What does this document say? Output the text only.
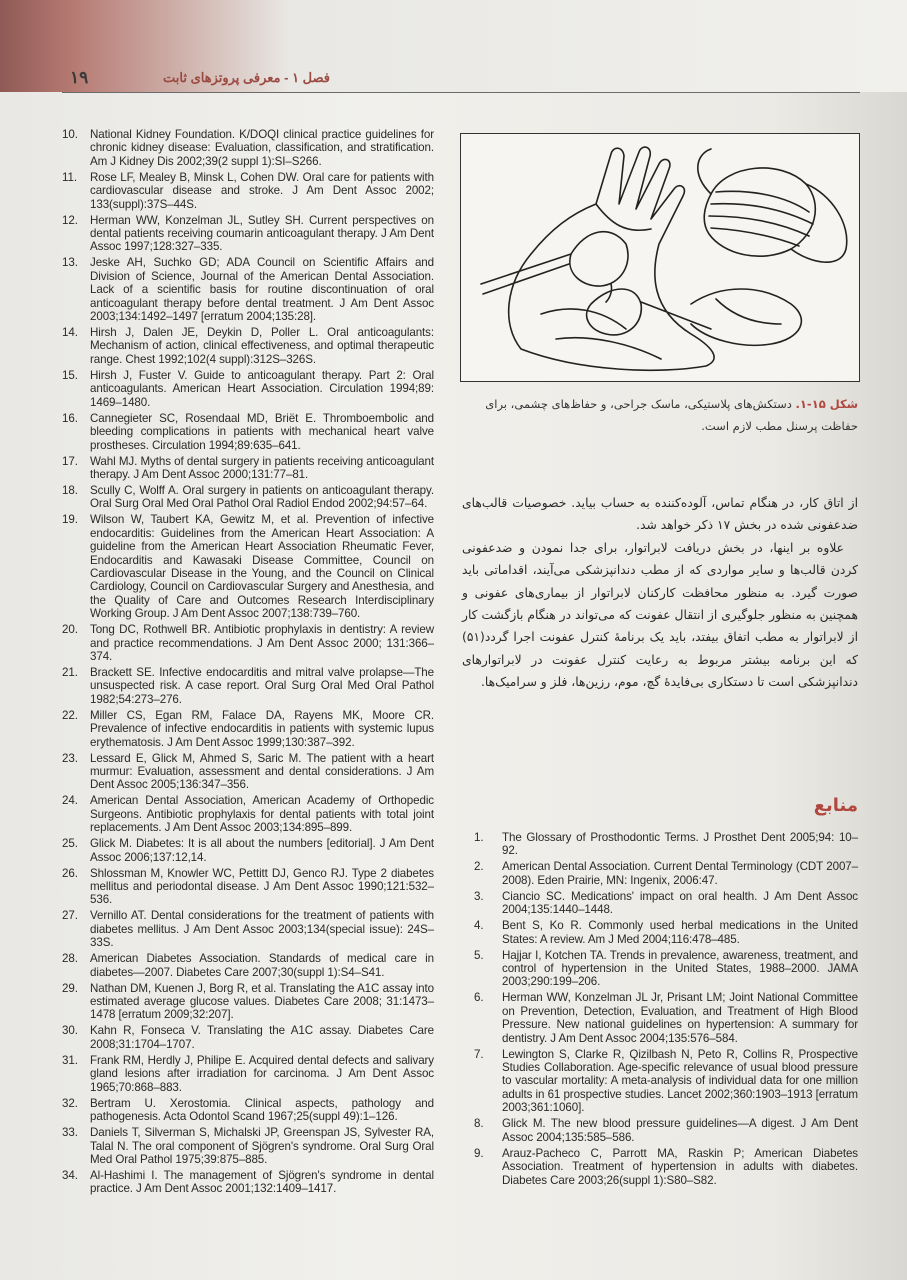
۱۹	فصل ۱ - معرفی پروتزهای ثابت
10.	National Kidney Foundation. K/DOQI clinical practice guidelines for chronic kidney disease: Evaluation, classification, and stratification. Am J Kidney Dis 2002;39(2 suppl 1):SI–S266.
11.	Rose LF, Mealey B, Minsk L, Cohen DW. Oral care for patients with cardiovascular disease and stroke. J Am Dent Assoc 2002; 133(suppl):37S–44S.
12.	Herman WW, Konzelman JL, Sutley SH. Current perspectives on dental patients receiving coumarin anticoagulant therapy. J Am Dent Assoc 1997;128:327–335.
13.	Jeske AH, Suchko GD; ADA Council on Scientific Affairs and Division of Science, Journal of the American Dental Association. Lack of a scientific basis for routine discontinuation of oral anticoagulant therapy before dental treatment. J Am Dent Assoc 2003;134:1492–1497 [erratum 2004;135:28].
14.	Hirsh J, Dalen JE, Deykin D, Poller L. Oral anticoagulants: Mechanism of action, clinical effectiveness, and optimal therapeutic range. Chest 1992;102(4 suppl):312S–326S.
15.	Hirsh J, Fuster V. Guide to anticoagulant therapy. Part 2: Oral anticoagulants. American Heart Association. Circulation 1994;89: 1469–1480.
16.	Cannegieter SC, Rosendaal MD, Briët E. Thromboembolic and bleeding complications in patients with mechanical heart valve prostheses. Circulation 1994;89:635–641.
17.	Wahl MJ. Myths of dental surgery in patients receiving anticoagulant therapy. J Am Dent Assoc 2000;131:77–81.
18.	Scully C, Wolff A. Oral surgery in patients on anticoagulant therapy. Oral Surg Oral Med Oral Pathol Oral Radiol Endod 2002;94:57–64.
19.	Wilson W, Taubert KA, Gewitz M, et al. Prevention of infective endocarditis: Guidelines from the American Heart Association: A guideline from the American Heart Association Rheumatic Fever, Endocarditis and Kawasaki Disease Committee, Council on Cardiovascular Disease in the Young, and the Council on Clinical Cardiology, Council on Cardiovascular Surgery and Anesthesia, and the Quality of Care and Outcomes Research Interdisciplinary Working Group. J Am Dent Assoc 2007;138:739–760.
20.	Tong DC, Rothwell BR. Antibiotic prophylaxis in dentistry: A review and practice recommendations. J Am Dent Assoc 2000; 131:366–374.
21.	Brackett SE. Infective endocarditis and mitral valve prolapse—The unsuspected risk. A case report. Oral Surg Oral Med Oral Pathol 1982;54:273–276.
22.	Miller CS, Egan RM, Falace DA, Rayens MK, Moore CR. Prevalence of infective endocarditis in patients with systemic lupus erythematosis. J Am Dent Assoc 1999;130:387–392.
23.	Lessard E, Glick M, Ahmed S, Saric M. The patient with a heart murmur: Evaluation, assessment and dental considerations. J Am Dent Assoc 2005;136:347–356.
24.	American Dental Association, American Academy of Orthopedic Surgeons. Antibiotic prophylaxis for dental patients with total joint replacements. J Am Dent Assoc 2003;134:895–899.
25.	Glick M. Diabetes: It is all about the numbers [editorial]. J Am Dent Assoc 2006;137:12,14.
26.	Shlossman M, Knowler WC, Pettitt DJ, Genco RJ. Type 2 diabetes mellitus and periodontal disease. J Am Dent Assoc 1990;121:532–536.
27.	Vernillo AT. Dental considerations for the treatment of patients with diabetes mellitus. J Am Dent Assoc 2003;134(special issue): 24S–33S.
28.	American Diabetes Association. Standards of medical care in diabetes—2007. Diabetes Care 2007;30(suppl 1):S4–S41.
29.	Nathan DM, Kuenen J, Borg R, et al. Translating the A1C assay into estimated average glucose values. Diabetes Care 2008; 31:1473–1478 [erratum 2009;32:207].
30.	Kahn R, Fonseca V. Translating the A1C assay. Diabetes Care 2008;31:1704–1707.
31.	Frank RM, Herdly J, Philipe E. Acquired dental defects and salivary gland lesions after irradiation for carcinoma. J Am Dent Assoc 1965;70:868–883.
32.	Bertram U. Xerostomia. Clinical aspects, pathology and pathogenesis. Acta Odontol Scand 1967;25(suppl 49):1–126.
33.	Daniels T, Silverman S, Michalski JP, Greenspan JS, Sylvester RA, Talal N. The oral component of Sjögren's syndrome. Oral Surg Oral Med Oral Pathol 1975;39:875–885.
34.	Al-Hashimi I. The management of Sjögren's syndrome in dental practice. J Am Dent Assoc 2001;132:1409–1417.
شکل ۱۵-۱. دستکش‌های پلاستیکی، ماسک جراحی، و حفاظ‌های چشمی، برای حفاظت پرسنل مطب لازم است.

از اتاق کار، در هنگام تماس، آلوده‌کننده به حساب بیاید. خصوصیات قالب‌های ضدعفونی شده در بخش ۱۷ ذکر خواهد شد.

علاوه بر اینها، در بخش دریافت لابراتوار، برای جدا نمودن و ضدعفونی کردن قالب‌ها و سایر مواردی که از مطب دندانپزشکی می‌آیند، اقداماتی باید صورت گیرد. به منظور محافظت کارکنان لابراتوار از بیماری‌های عفونی و همچنین به منظور جلوگیری از انتقال عفونت که می‌تواند در هنگام بازگشت کار از لابراتوار به مطب اتفاق بیفتد، باید یک برنامهٔ کنترل عفونت اجرا گردد(۵۱) که این برنامه بیشتر مربوط به رعایت کنترل عفونت در لابراتوارهای دندانپزشکی است تا دستکاری بی‌فایدهٔ گچ، موم، رزین‌ها، فلز و سرامیک‌ها.

منابع
1.	The Glossary of Prosthodontic Terms. J Prosthet Dent 2005;94: 10–92.
2.	American Dental Association. Current Dental Terminology (CDT 2007–2008). Eden Prairie, MN: Ingenix, 2006:47.
3.	Ciancio SC. Medications' impact on oral health. J Am Dent Assoc 2004;135:1440–1448.
4.	Bent S, Ko R. Commonly used herbal medications in the United States: A review. Am J Med 2004;116:478–485.
5.	Hajjar I, Kotchen TA. Trends in prevalence, awareness, treatment, and control of hypertension in the United States, 1988–2000. JAMA 2003;290:199–206.
6.	Herman WW, Konzelman JL Jr, Prisant LM; Joint National Committee on Prevention, Detection, Evaluation, and Treatment of High Blood Pressure. New national guidelines on hypertension: A summary for dentistry. J Am Dent Assoc 2004;135:576–584.
7.	Lewington S, Clarke R, Qizilbash N, Peto R, Collins R, Prospective Studies Collaboration. Age-specific relevance of usual blood pressure to vascular mortality: A meta-analysis of individual data for one million adults in 61 prospective studies. Lancet 2002;360:1903–1913 [erratum 2003;361:1060].
8.	Glick M. The new blood pressure guidelines—A digest. J Am Dent Assoc 2004;135:585–586.
9.	Arauz-Pacheco C, Parrott MA, Raskin P; American Diabetes Association. Treatment of hypertension in adults with diabetes. Diabetes Care 2003;26(suppl 1):S80–S82.
